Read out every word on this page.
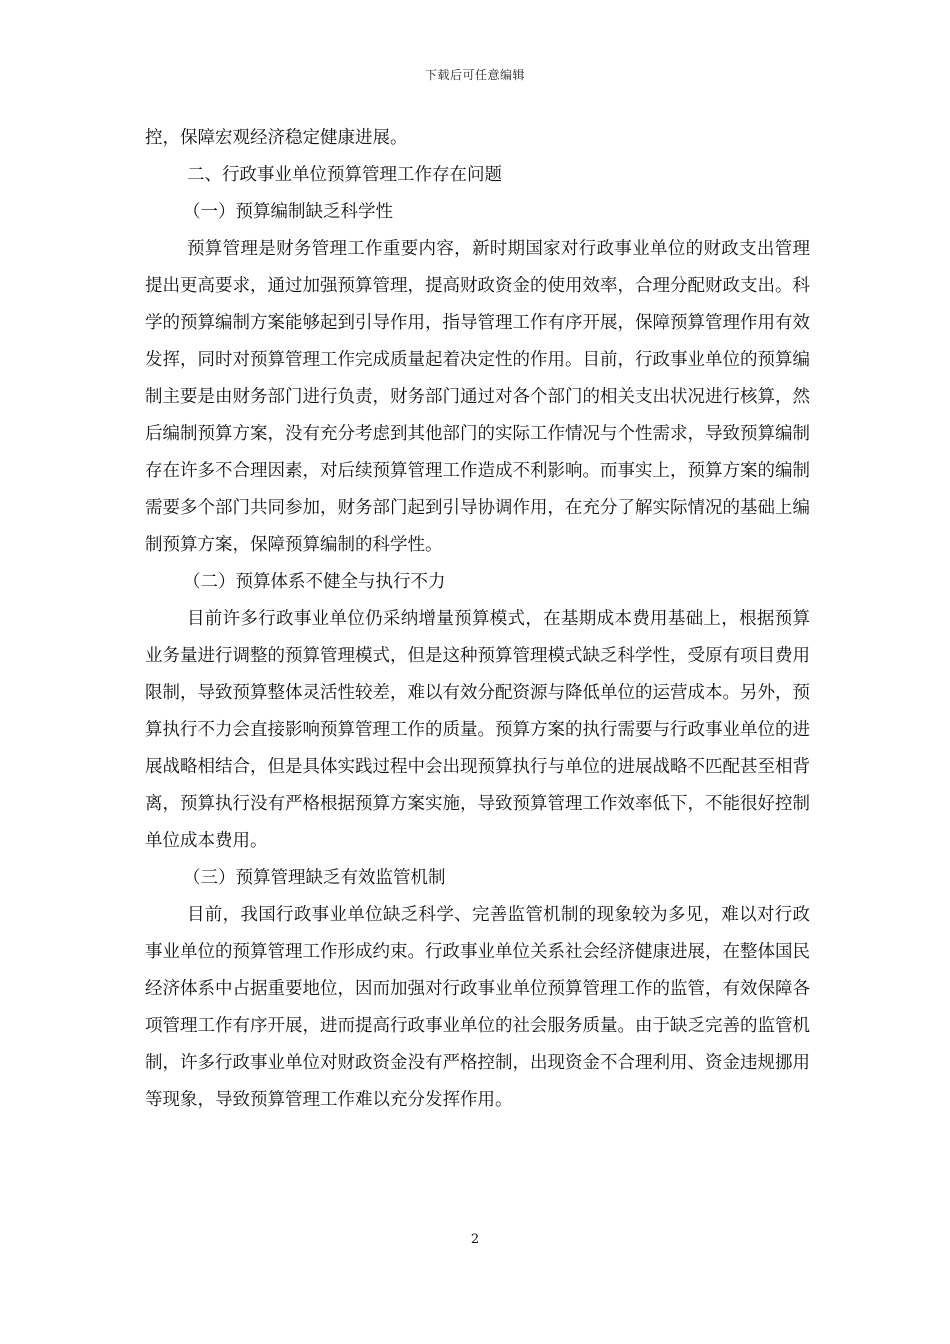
下载后可任意编辑

控，保障宏观经济稳定健康进展。

二、行政事业单位预算管理工作存在问题

（一）预算编制缺乏科学性

预算管理是财务管理工作重要内容，新时期国家对行政事业单位的财政支出管理提出更高要求，通过加强预算管理，提高财政资金的使用效率，合理分配财政支出。科学的预算编制方案能够起到引导作用，指导管理工作有序开展，保障预算管理作用有效发挥，同时对预算管理工作完成质量起着决定性的作用。目前，行政事业单位的预算编制主要是由财务部门进行负责，财务部门通过对各个部门的相关支出状况进行核算，然后编制预算方案，没有充分考虑到其他部门的实际工作情况与个性需求，导致预算编制存在许多不合理因素，对后续预算管理工作造成不利影响。而事实上，预算方案的编制需要多个部门共同参加，财务部门起到引导协调作用，在充分了解实际情况的基础上编制预算方案，保障预算编制的科学性。

（二）预算体系不健全与执行不力

目前许多行政事业单位仍采纳增量预算模式，在基期成本费用基础上，根据预算业务量进行调整的预算管理模式，但是这种预算管理模式缺乏科学性，受原有项目费用限制，导致预算整体灵活性较差，难以有效分配资源与降低单位的运营成本。另外，预算执行不力会直接影响预算管理工作的质量。预算方案的执行需要与行政事业单位的进展战略相结合，但是具体实践过程中会出现预算执行与单位的进展战略不匹配甚至相背离，预算执行没有严格根据预算方案实施，导致预算管理工作效率低下，不能很好控制单位成本费用。

（三）预算管理缺乏有效监管机制

目前，我国行政事业单位缺乏科学、完善监管机制的现象较为多见，难以对行政事业单位的预算管理工作形成约束。行政事业单位关系社会经济健康进展，在整体国民经济体系中占据重要地位，因而加强对行政事业单位预算管理工作的监管，有效保障各项管理工作有序开展，进而提高行政事业单位的社会服务质量。由于缺乏完善的监管机制，许多行政事业单位对财政资金没有严格控制，出现资金不合理利用、资金违规挪用等现象，导致预算管理工作难以充分发挥作用。

2
